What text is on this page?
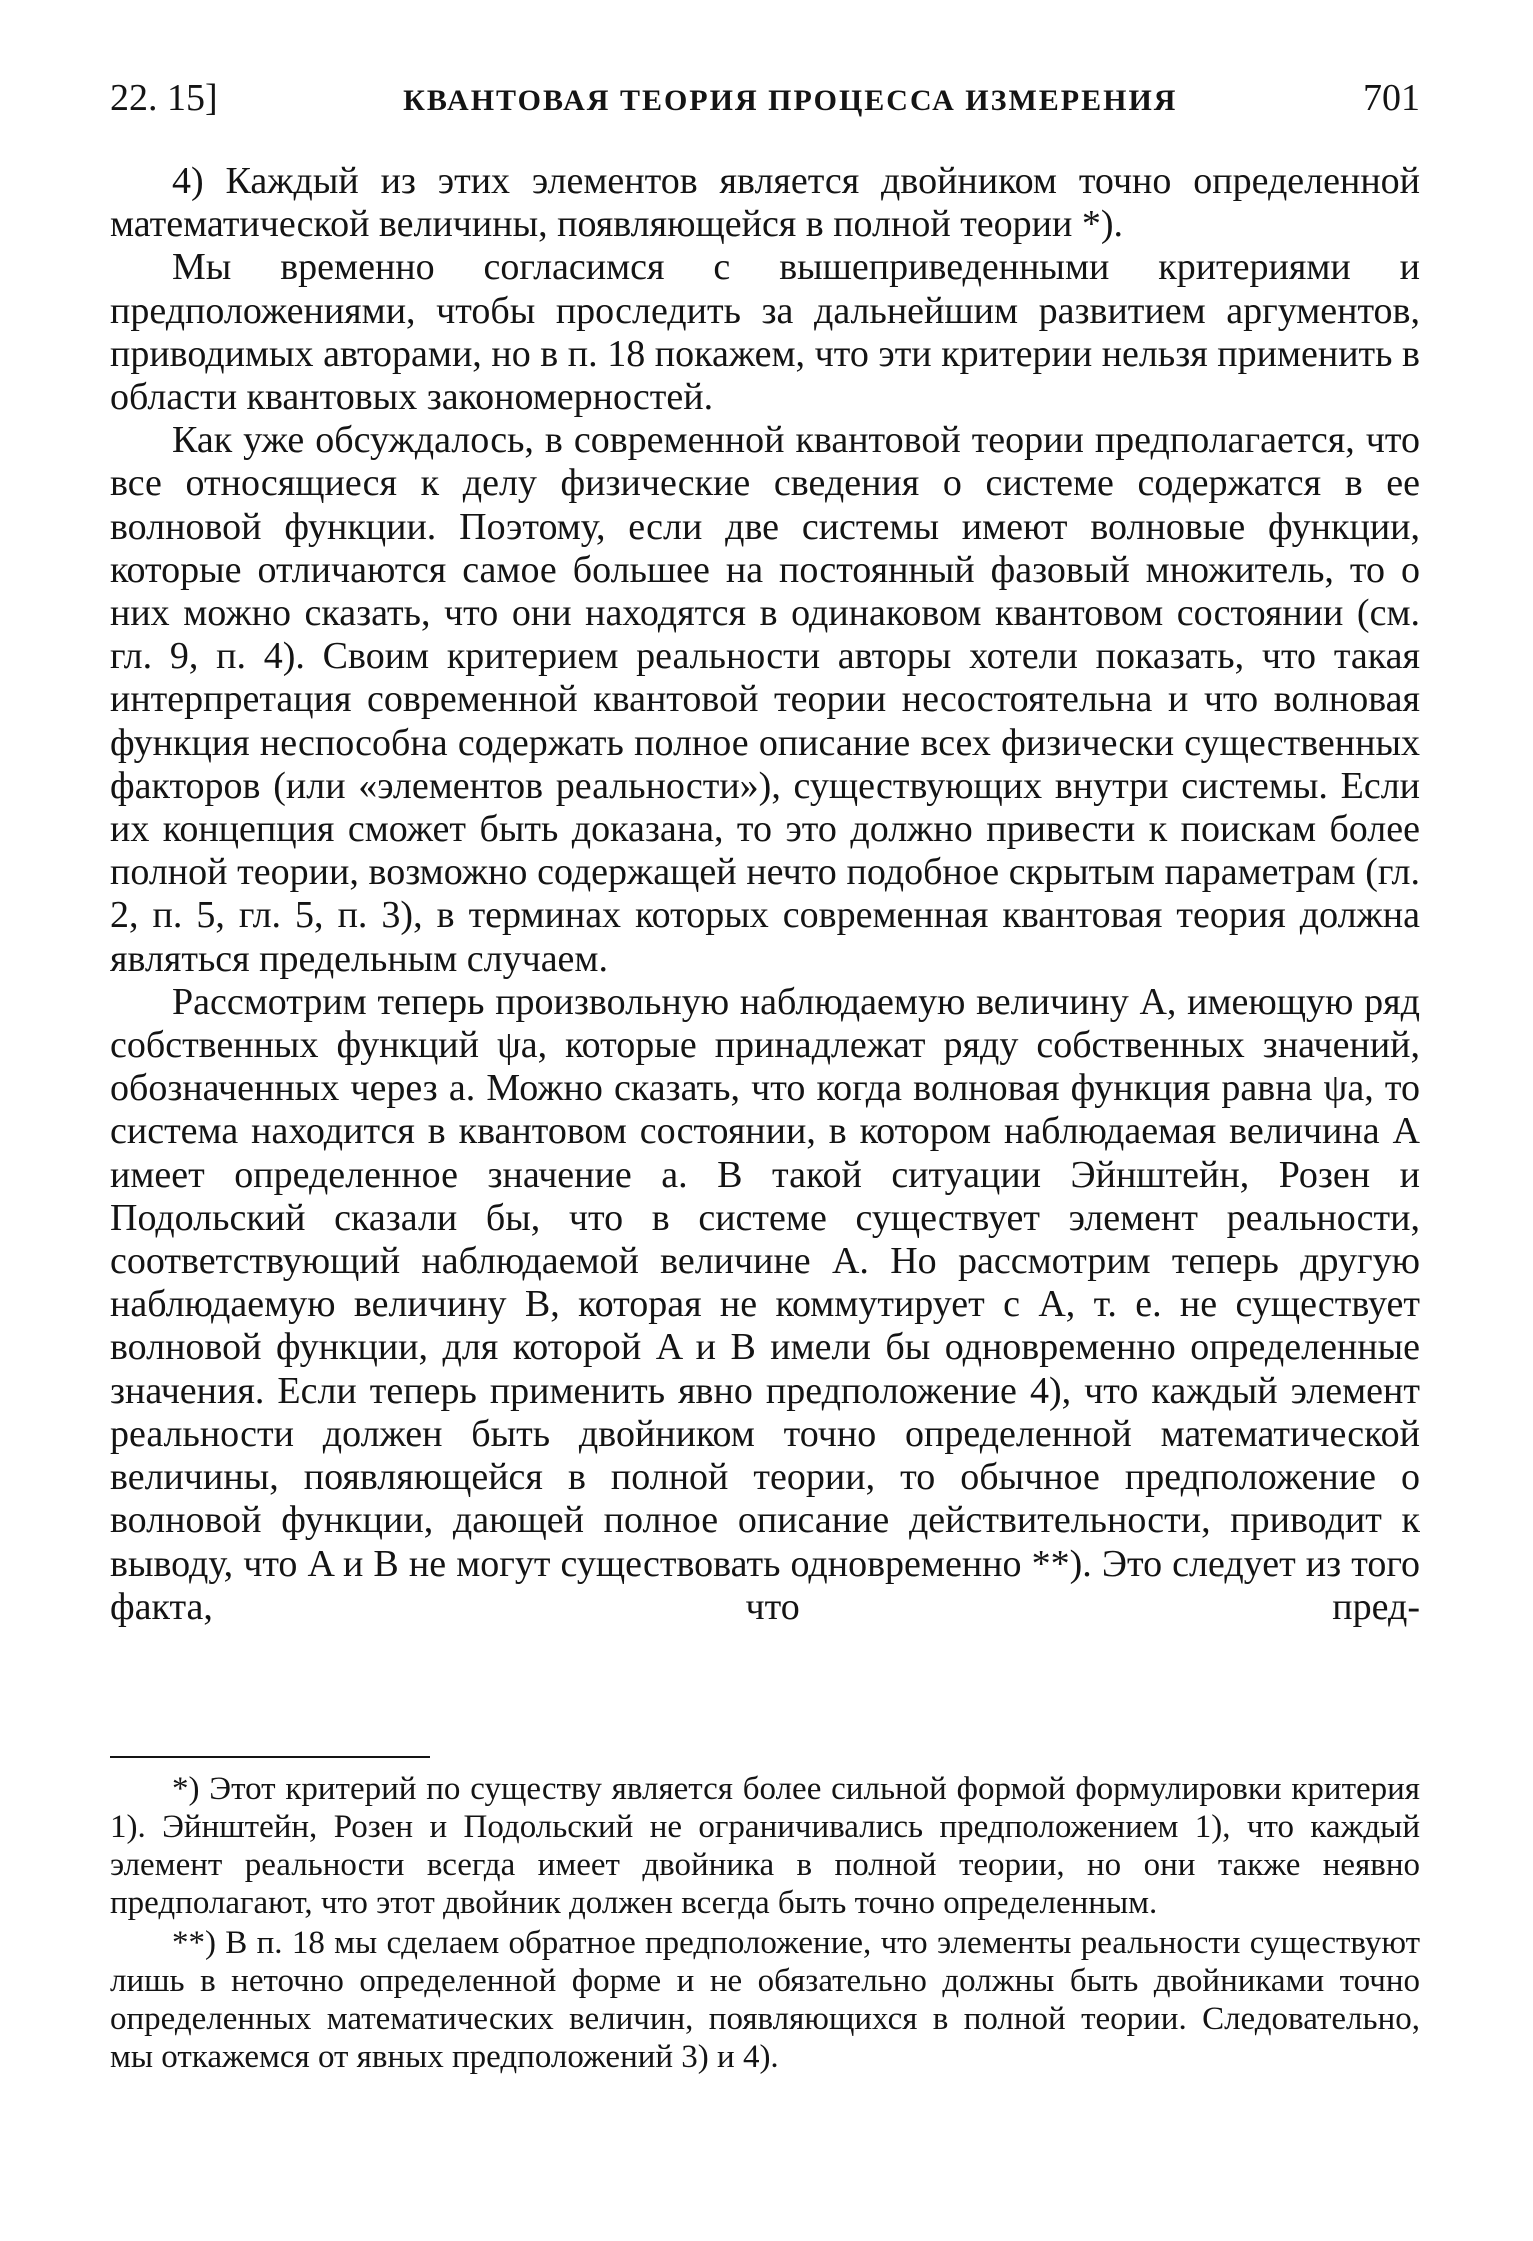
22. 15]	КВАНТОВАЯ ТЕОРИЯ ПРОЦЕССА ИЗМЕРЕНИЯ	701

4) Каждый из этих элементов является двойником точно определенной математической величины, появляющейся в полной теории *).

Мы временно согласимся с вышеприведенными критериями и предположениями, чтобы проследить за дальнейшим развитием аргументов, приводимых авторами, но в п. 18 покажем, что эти критерии нельзя применить в области квантовых закономерностей.

Как уже обсуждалось, в современной квантовой теории предполагается, что все относящиеся к делу физические сведения о системе содержатся в ее волновой функции. Поэтому, если две системы имеют волновые функции, которые отличаются самое большее на постоянный фазовый множитель, то о них можно сказать, что они находятся в одинаковом квантовом состоянии (см. гл. 9, п. 4). Своим критерием реальности авторы хотели показать, что такая интерпретация современной квантовой теории несостоятельна и что волновая функция неспособна содержать полное описание всех физически существенных факторов (или «элементов реальности»), существующих внутри системы. Если их концепция сможет быть доказана, то это должно привести к поискам более полной теории, возможно содержащей нечто подобное скрытым параметрам (гл. 2, п. 5, гл. 5, п. 3), в терминах которых современная квантовая теория должна являться предельным случаем.

Рассмотрим теперь произвольную наблюдаемую величину A, имеющую ряд собственных функций ψa, которые принадлежат ряду собственных значений, обозначенных через a. Можно сказать, что когда волновая функция равна ψa, то система находится в квантовом состоянии, в котором наблюдаемая величина A имеет определенное значение a. В такой ситуации Эйнштейн, Розен и Подольский сказали бы, что в системе существует элемент реальности, соответствующий наблюдаемой величине A. Но рассмотрим теперь другую наблюдаемую величину B, которая не коммутирует с A, т. е. не существует волновой функции, для которой A и B имели бы одновременно определенные значения. Если теперь применить явно предположение 4), что каждый элемент реальности должен быть двойником точно определенной математической величины, появляющейся в полной теории, то обычное предположение о волновой функции, дающей полное описание действительности, приводит к выводу, что A и B не могут существовать одновременно **). Это следует из того факта, что пред-

*) Этот критерий по существу является более сильной формой формулировки критерия 1). Эйнштейн, Розен и Подольский не ограничивались предположением 1), что каждый элемент реальности всегда имеет двойника в полной теории, но они также неявно предполагают, что этот двойник должен всегда быть точно определенным.

**) В п. 18 мы сделаем обратное предположение, что элементы реальности существуют лишь в неточно определенной форме и не обязательно должны быть двойниками точно определенных математических величин, появляющихся в полной теории. Следовательно, мы откажемся от явных предположений 3) и 4).
